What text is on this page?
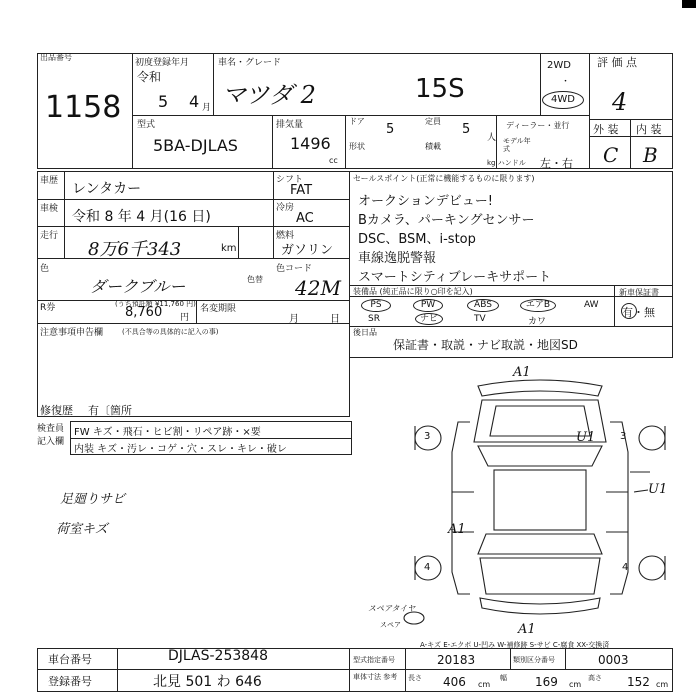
出品番号
1158
初度登録年月
令和
5 4 月
車名・グレード
マツダ 2	15S
2WD
・
4WD
評 価 点
4
外 装 内 装
C B
型式
5BA-DJLAS
排気量
1496
cc
ドア
5
形状
定員
5
人
積載
ディーラー・並行
モデル年式
kg ハンドル 左・右
車歴 レンタカー
シフト
FAT
車検 令和 8 年 4 月(16 日)
冷房
AC
走行
8万6千343	km
燃料
ガソリン
色
ダークブルー	色替
色コード
42M
R券	8,760 円
(うち預託額 ¥11,760 円) 名変期限
月	日
注意事項申告欄	(不具合等の具体的に記入の事)
修復歴 有〔箇所
セールスポイント(正常に機能するものに限ります)
オークションデビュー!
Bカメラ、パーキングセンサー
DSC、BSM、i-stop
車線逸脱警報
スマートシティブレーキサポート
装備品 (純正品に限り○印を記入)
PS	PW	ABS	エアB	AW
SR	ナビ	TV	カワ
新車保証書
有・無
後日品
保証書・取説・ナビ取説・地図SD
検査員記入欄
FW キズ・飛石・ヒビ割・リペア跡・×要
内装 キズ・汚レ・コゲ・穴・スレ・キレ・破レ
足廻りサビ
荷室キズ
A1
U1
U1
A1
3	3
4	4
A1
スペアタイヤ
スペア
A-キズ E-エクボ U-凹み W-補修跡 S-サビ C-腐食 XX-交換済
車台番号	DJLAS-253848
登録番号	北見 501 わ 646
型式指定番号	20183	類別区分番号	0003
車体寸法 参考	長さ 406 cm
幅 169 cm
高さ 152 cm
